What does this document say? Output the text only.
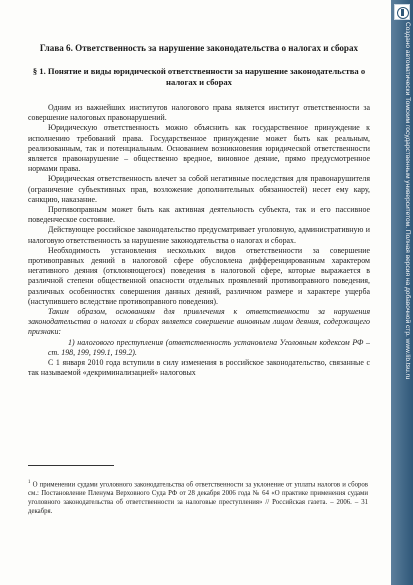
Создано автоматически Томским государственным университетом. Полная версия на добавочной стр. www.lib.tsu.ru
Глава 6. Ответственность за нарушение законодательства о налогах и сборах
§ 1. Понятие и виды юридической ответственности за нарушение законодательства о налогах и сборах

Одним из важнейших институтов налогового права является институт ответственности за совершение налоговых правонарушений.

Юридическую ответственность можно объяснить как государственное принуждение к исполнению требований права. Государственное принуждение может быть как реальным, реализованным, так и потенциальным. Основанием возникновения юридической ответственности является правонарушение – общественно вредное, виновное деяние, прямо предусмотренное нормами права.

Юридическая ответственность влечет за собой негативные последствия для правонарушителя (ограничение субъективных прав, возложение дополнительных обязанностей) несет ему кару, санкцию, наказание.

Противоправным может быть как активная деятельность субъекта, так и его пассивное поведенческое состояние.

Действующее российское законодательство предусматривает уголовную, административную и налоговую ответственность за нарушение законодательства о налогах и сборах.

Необходимость установления нескольких видов ответственности за совершение противоправных деяний в налоговой сфере обусловлена дифференцированным характером негативного деяния (отклоняющегося) поведения в налоговой сфере, которые выражается в различной степени общественной опасности отдельных проявлений противоправного поведения, различных особенностях совершения данных деяний, различном размере и характере ущерба (наступившего вследствие противоправного поведения).

Таким образом, основаниям для привлечения к ответственности за нарушения законодательства о налогах и сборах является совершение виновным лицом деяния, содержащего признаки:

1) налогового преступления (ответственность установлена Уголовным кодексом РФ – ст. 198, 199, 199.1, 199.2).

С 1 января 2010 года вступили в силу изменения в российское законодательство, связанные с так называемой «декриминализацией» налоговых

$^1$ О применении судами уголовного законодательства об ответственности за уклонение от уплаты налогов и сборов см.: Постановление Пленума Верховного Суда РФ от 28 декабря 2006 года № 64 «О практике применения судами уголовного законодательства об ответственности за налоговые преступления» // Российская газета. – 2006. – 31 декабря.
